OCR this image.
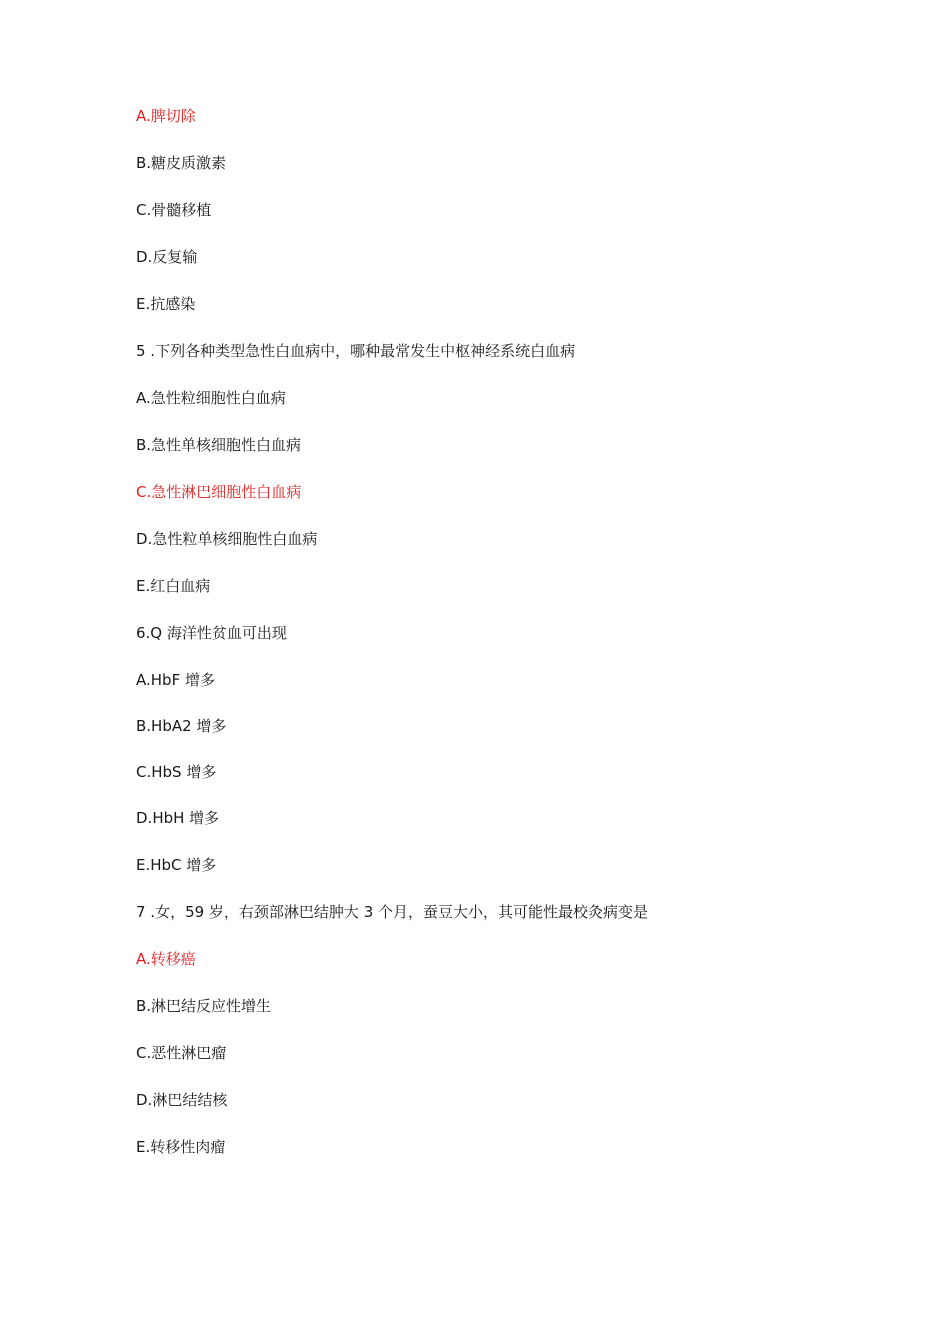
A.脾切除
B.糖皮质激素
C.骨髓移植
D.反复输
E.抗感染
5 .下列各种类型急性白血病中，哪种最常发生中枢神经系统白血病
A.急性粒细胞性白血病
B.急性单核细胞性白血病
C.急性淋巴细胞性白血病
D.急性粒单核细胞性白血病
E.红白血病
6.Q 海洋性贫血可出现
A.HbF 增多
B.HbA2 增多
C.HbS 增多
D.HbH 增多
E.HbC 增多
7 .女，59 岁，右颈部淋巴结肿大 3 个月，蚕豆大小，其可能性最校灸病变是
A.转移癌
B.淋巴结反应性增生
C.恶性淋巴瘤
D.淋巴结结核
E.转移性肉瘤
